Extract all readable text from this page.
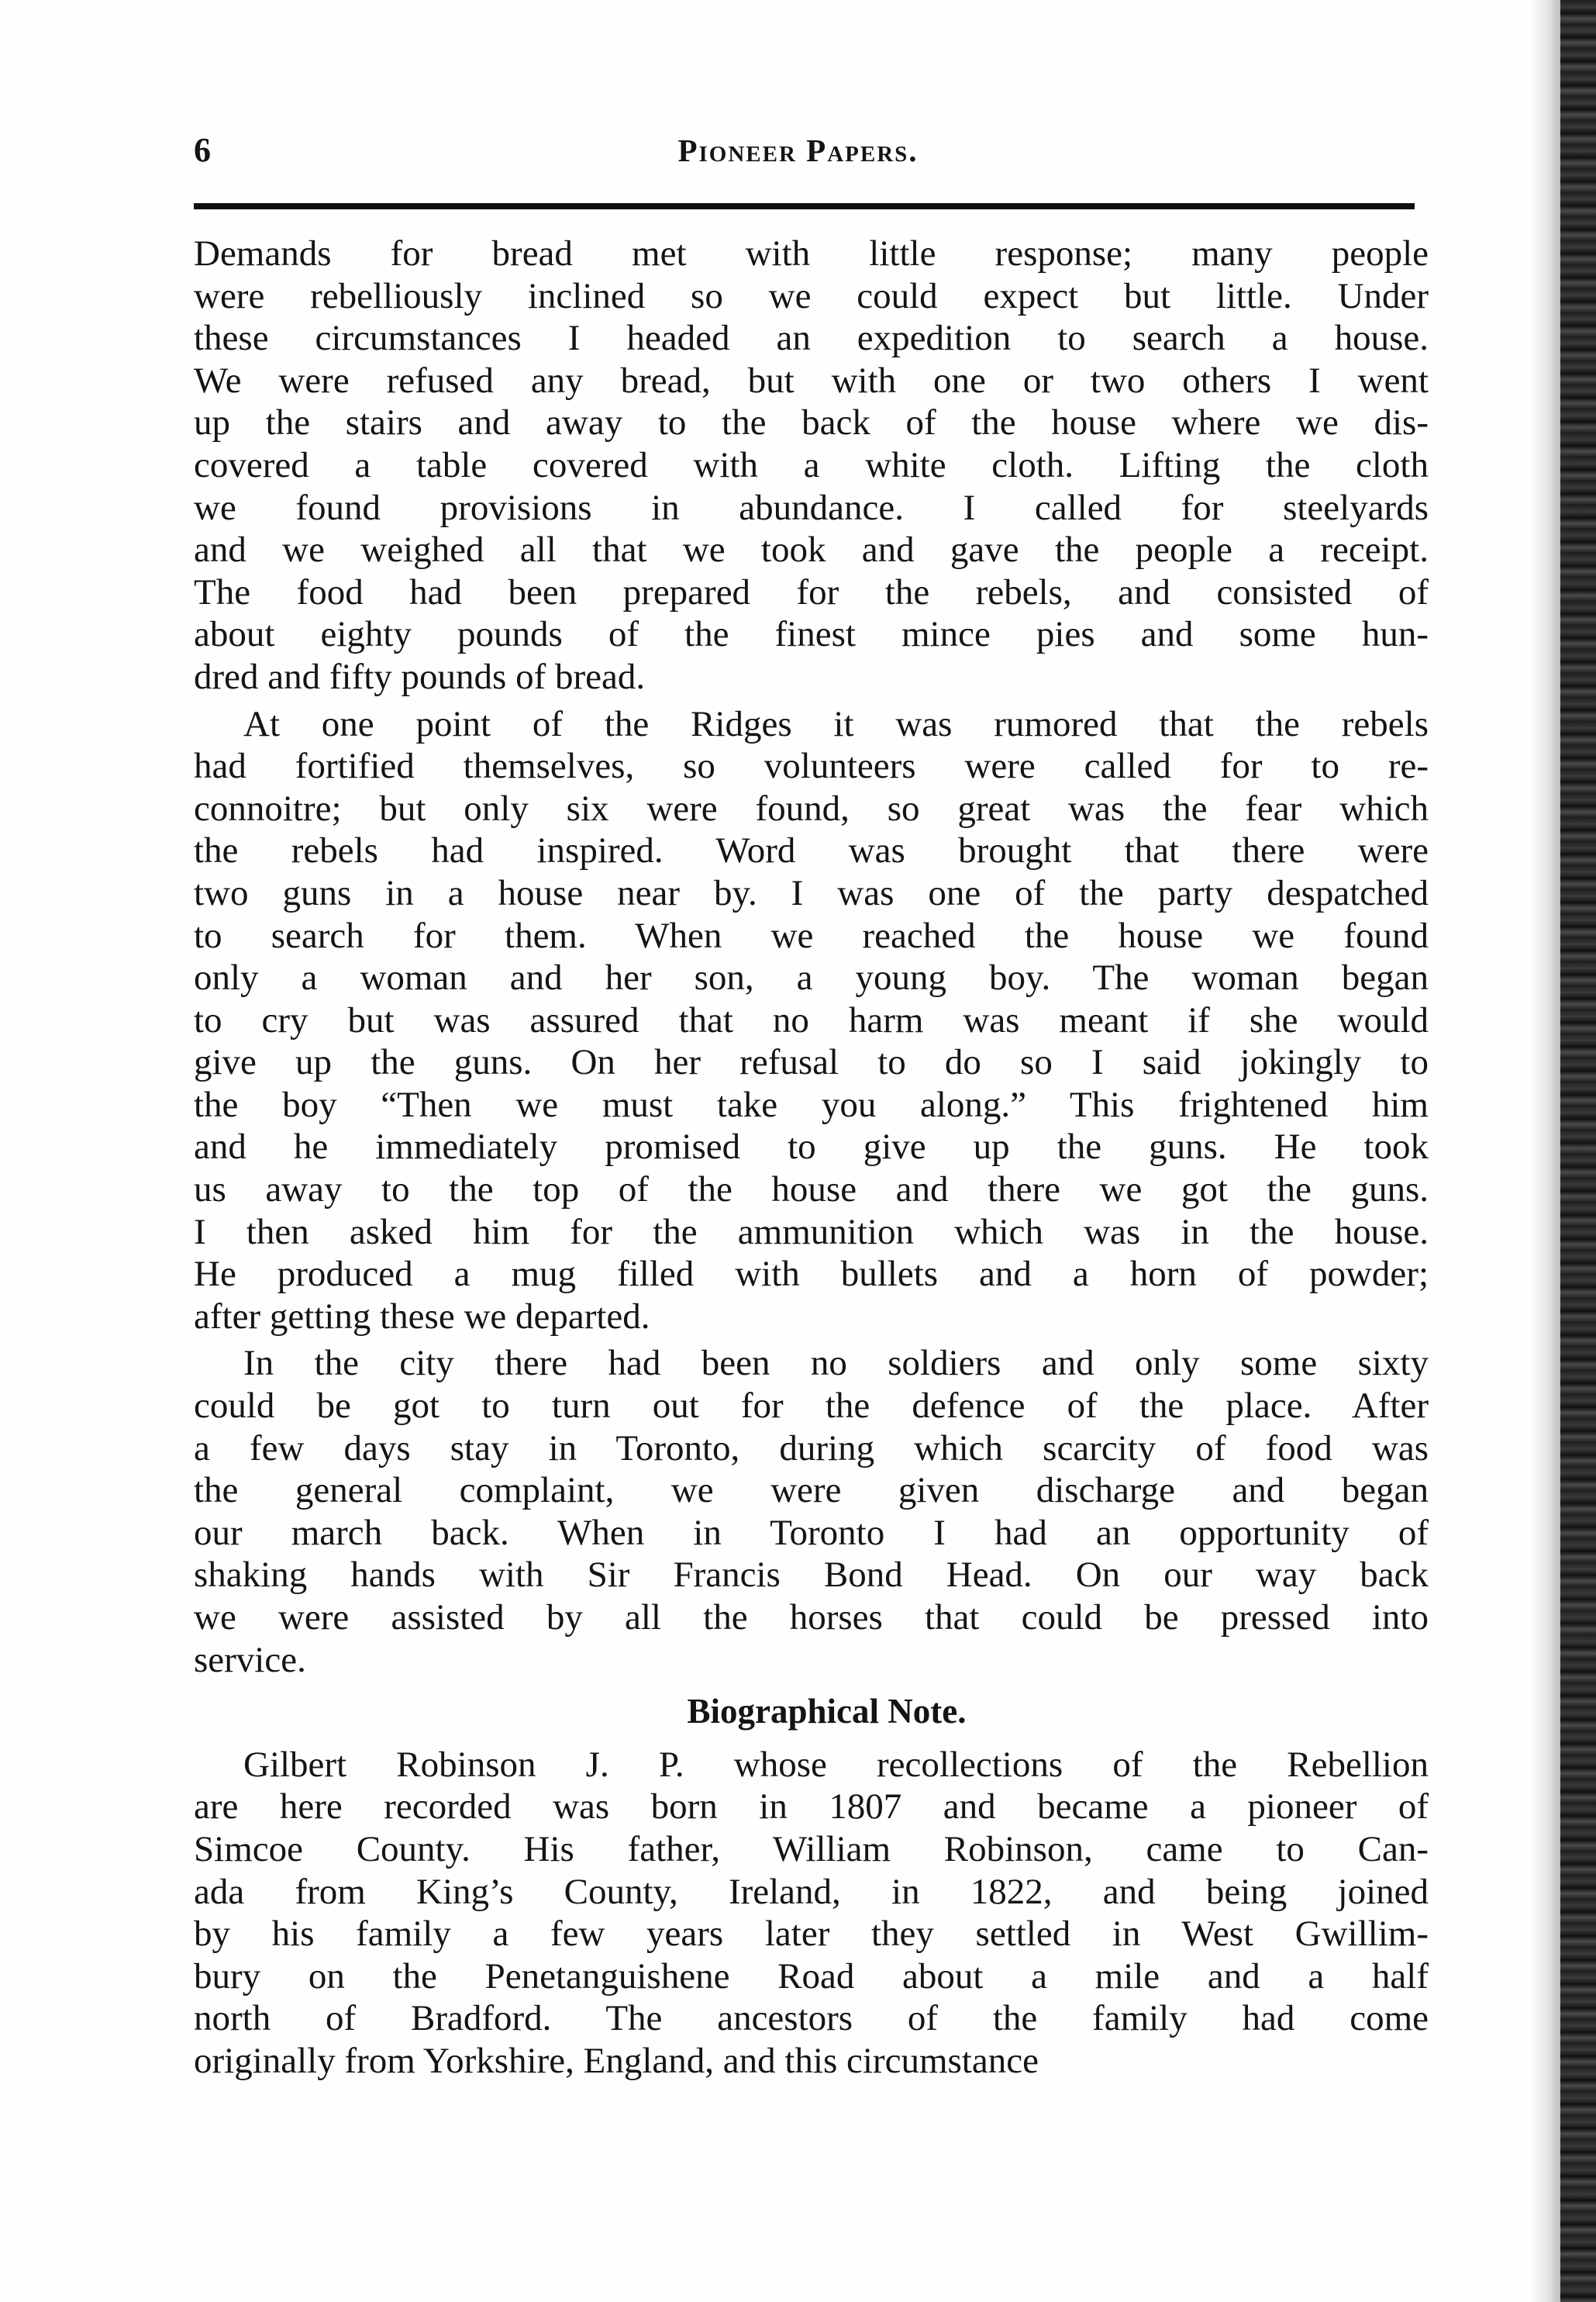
6	Pioneer Papers.
Demands for bread met with little response; many people
were rebelliously inclined so we could expect but little. Under
these circumstances I headed an expedition to search a house.
We were refused any bread, but with one or two others I went
up the stairs and away to the back of the house where we dis-
covered a table covered with a white cloth. Lifting the cloth
we found provisions in abundance. I called for steelyards
and we weighed all that we took and gave the people a receipt.
The food had been prepared for the rebels, and consisted of
about eighty pounds of the finest mince pies and some hun-
dred and fifty pounds of bread.
At one point of the Ridges it was rumored that the rebels
had fortified themselves, so volunteers were called for to re-
connoitre; but only six were found, so great was the fear which
the rebels had inspired. Word was brought that there were
two guns in a house near by. I was one of the party despatched
to search for them. When we reached the house we found
only a woman and her son, a young boy. The woman began
to cry but was assured that no harm was meant if she would
give up the guns. On her refusal to do so I said jokingly to
the boy “Then we must take you along.” This frightened him
and he immediately promised to give up the guns. He took
us away to the top of the house and there we got the guns.
I then asked him for the ammunition which was in the house.
He produced a mug filled with bullets and a horn of powder;
after getting these we departed.
In the city there had been no soldiers and only some sixty
could be got to turn out for the defence of the place. After
a few days stay in Toronto, during which scarcity of food was
the general complaint, we were given discharge and began
our march back. When in Toronto I had an opportunity of
shaking hands with Sir Francis Bond Head. On our way back
we were assisted by all the horses that could be pressed into
service.
Biographical Note.
Gilbert Robinson J. P. whose recollections of the Rebellion
are here recorded was born in 1807 and became a pioneer of
Simcoe County. His father, William Robinson, came to Can-
ada from King’s County, Ireland, in 1822, and being joined
by his family a few years later they settled in West Gwillim-
bury on the Penetanguishene Road about a mile and a half
north of Bradford. The ancestors of the family had come
originally from Yorkshire, England, and this circumstance
